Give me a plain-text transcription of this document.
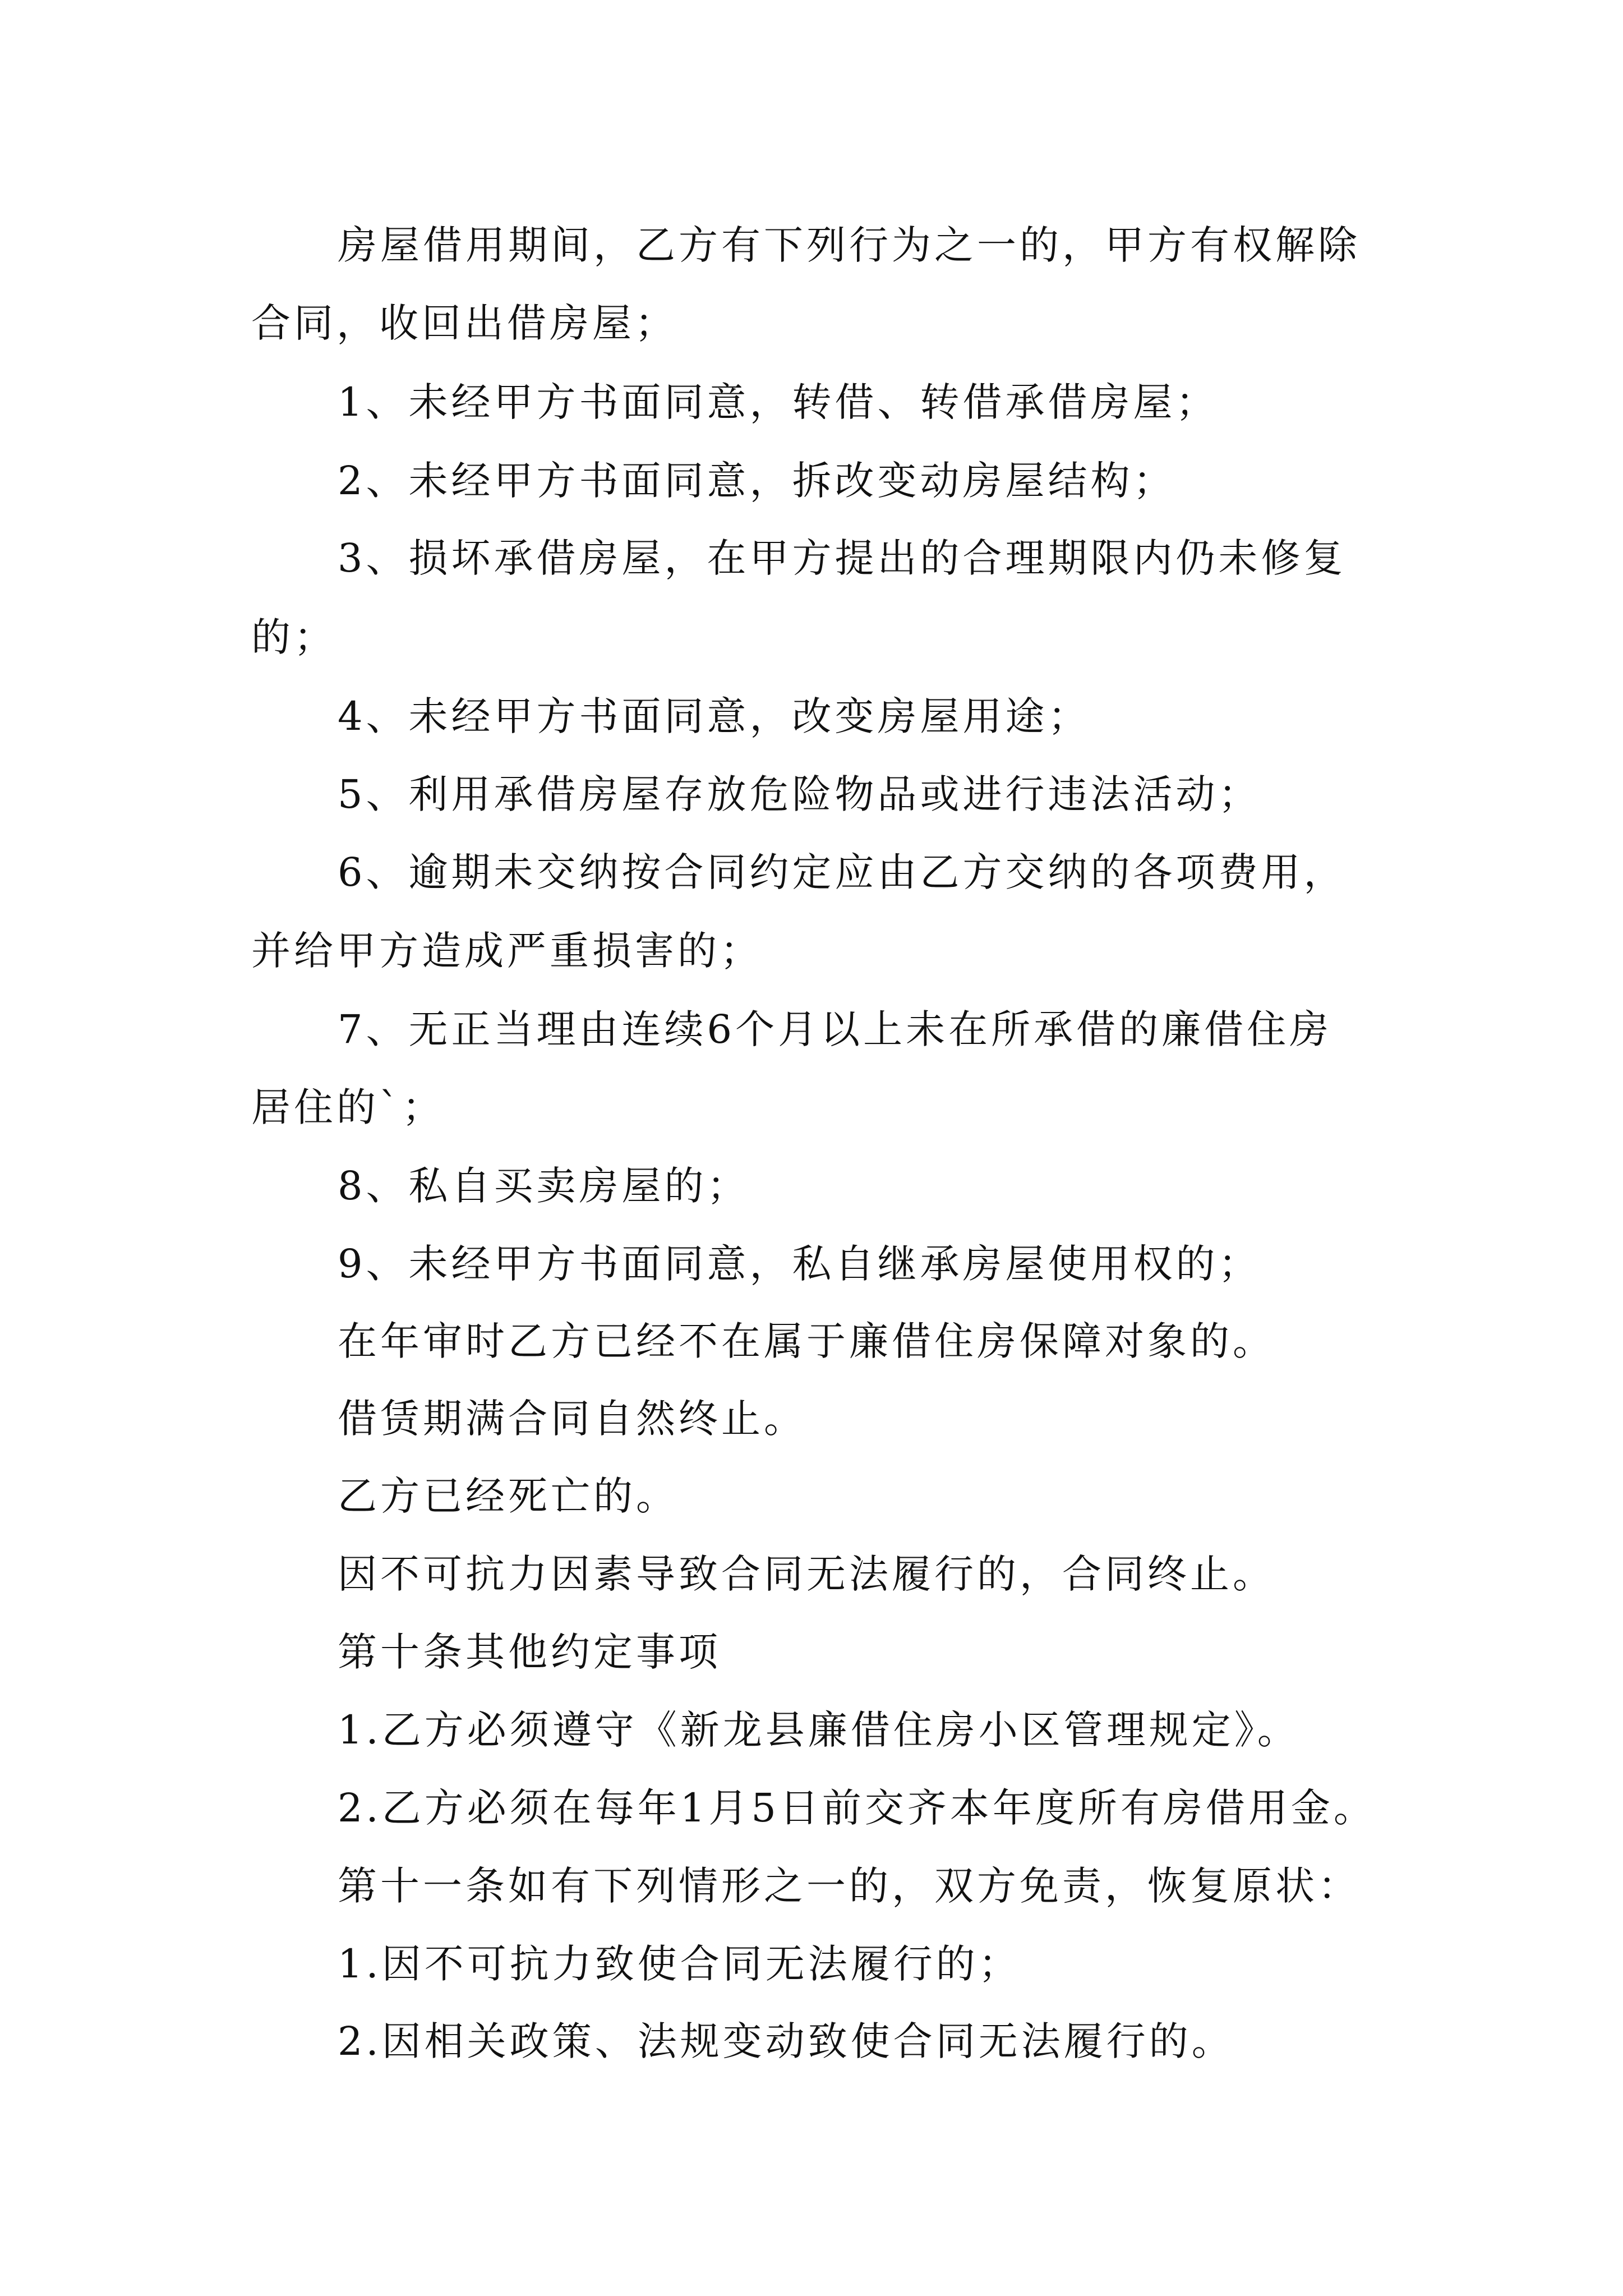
房屋借用期间，乙方有下列行为之一的，甲方有权解除
合同，收回出借房屋；
1、未经甲方书面同意，转借、转借承借房屋；
2、未经甲方书面同意，拆改变动房屋结构；
3、损坏承借房屋，在甲方提出的合理期限内仍未修复
的；
4、未经甲方书面同意，改变房屋用途；
5、利用承借房屋存放危险物品或进行违法活动；
6、逾期未交纳按合同约定应由乙方交纳的各项费用，
并给甲方造成严重损害的；
7、无正当理由连续6个月以上未在所承借的廉借住房
居住的`；
8、私自买卖房屋的；
9、未经甲方书面同意，私自继承房屋使用权的；
在年审时乙方已经不在属于廉借住房保障对象的。
借赁期满合同自然终止。
乙方已经死亡的。
因不可抗力因素导致合同无法履行的，合同终止。
第十条其他约定事项
1.乙方必须遵守《新龙县廉借住房小区管理规定》。
2.乙方必须在每年1月5日前交齐本年度所有房借用金。
第十一条如有下列情形之一的，双方免责，恢复原状：
1.因不可抗力致使合同无法履行的；
2.因相关政策、法规变动致使合同无法履行的。
